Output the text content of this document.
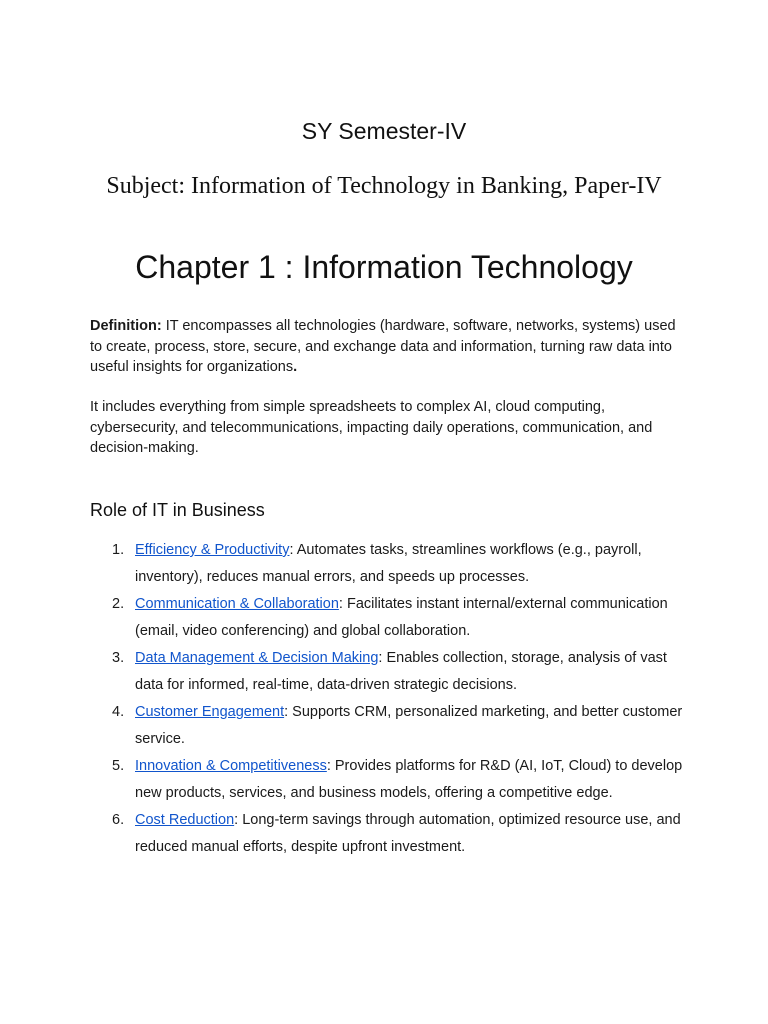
SY Semester-IV
Subject: Information of Technology in Banking, Paper-IV
Chapter 1 : Information Technology

Definition: IT encompasses all technologies (hardware, software, networks, systems) used to create, process, store, secure, and exchange data and information, turning raw data into useful insights for organizations.

It includes everything from simple spreadsheets to complex AI, cloud computing, cybersecurity, and telecommunications, impacting daily operations, communication, and decision-making.

Role of IT in Business
1. Efficiency & Productivity: Automates tasks, streamlines workflows (e.g., payroll, inventory), reduces manual errors, and speeds up processes.
2. Communication & Collaboration: Facilitates instant internal/external communication (email, video conferencing) and global collaboration.
3. Data Management & Decision Making: Enables collection, storage, analysis of vast data for informed, real-time, data-driven strategic decisions.
4. Customer Engagement: Supports CRM, personalized marketing, and better customer service.
5. Innovation & Competitiveness: Provides platforms for R&D (AI, IoT, Cloud) to develop new products, services, and business models, offering a competitive edge.
6. Cost Reduction: Long-term savings through automation, optimized resource use, and reduced manual efforts, despite upfront investment.
